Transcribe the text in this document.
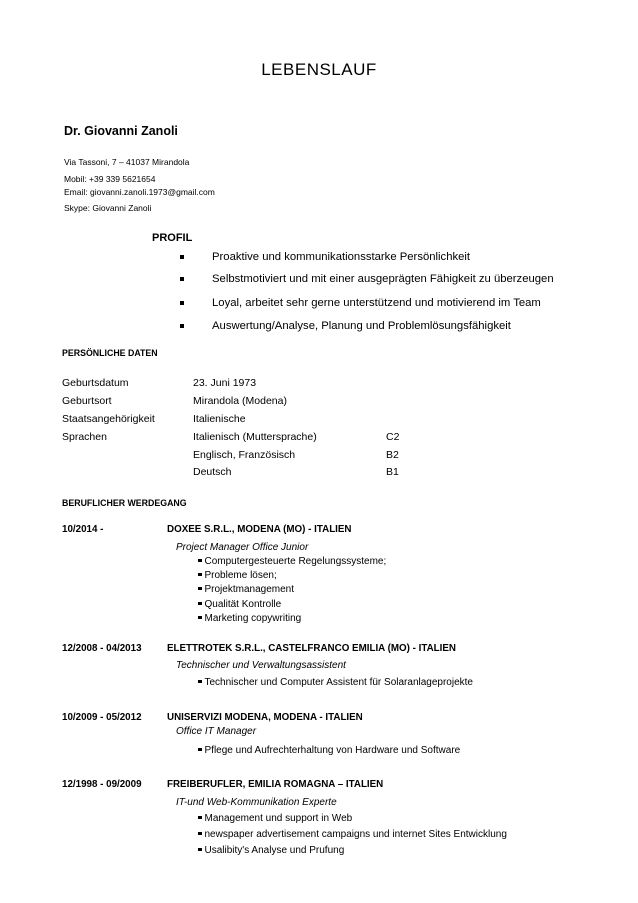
LEBENSLAUF
Dr. Giovanni Zanoli
Via Tassoni, 7 – 41037 Mirandola
Mobil: +39 339 5621654
Email: giovanni.zanoli.1973@gmail.com
Skype: Giovanni Zanoli
PROFIL
Proaktive und kommunikationsstarke Persönlichkeit
Selbstmotiviert und mit einer ausgeprägten Fähigkeit zu überzeugen
Loyal, arbeitet sehr gerne unterstützend und motivierend im Team
Auswertung/Analyse, Planung und Problemlösungsfähigkeit
PERSÖNLICHE DATEN
Geburtsdatum	23. Juni 1973
Geburtsort	Mirandola (Modena)
Staatsangehörigkeit	Italienische
Sprachen	Italienisch (Muttersprache)	C2
Englisch, Französisch	B2
Deutsch	B1
BERUFLICHER WERDEGANG
10/2014 -	DOXEE S.R.L., MODENA (MO) - ITALIEN
Project Manager Office Junior
Computergesteuerte Regelungssysteme;
Probleme lösen;
Projektmanagement
Qualität Kontrolle
Marketing copywriting
12/2008 - 04/2013	ELETTROTEK S.R.L., CASTELFRANCO EMILIA (MO) - ITALIEN
Technischer und Verwaltungsassistent
Technischer und Computer Assistent für Solaranlageprojekte
10/2009 - 05/2012	UNISERVIZI MODENA, MODENA - ITALIEN
Office IT Manager
Pflege und Aufrechterhaltung von Hardware und Software
12/1998 - 09/2009	FREIBERUFLER, EMILIA ROMAGNA – ITALIEN
IT-und Web-Kommunikation Experte
Management und support in Web
newspaper advertisement campaigns und internet Sites Entwicklung
Usalibity's Analyse und Prufung
